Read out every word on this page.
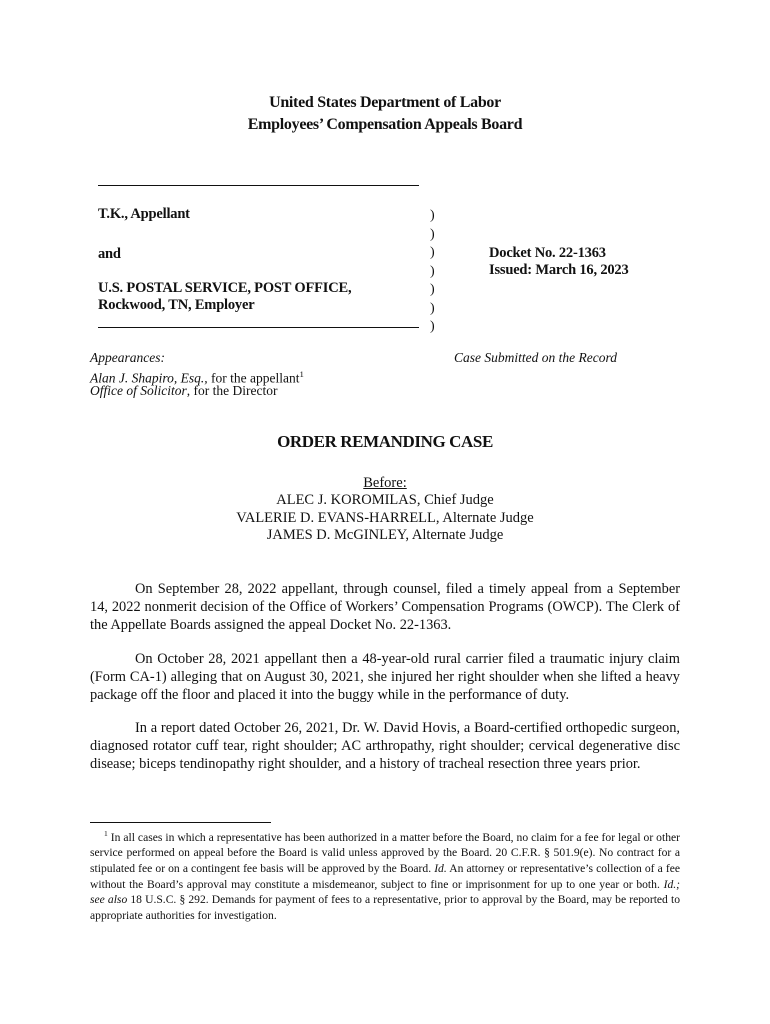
United States Department of Labor
Employees’ Compensation Appeals Board
T.K., Appellant
and
U.S. POSTAL SERVICE, POST OFFICE,
Rockwood, TN, Employer
)
)
)
)
)
)
)
Docket No. 22-1363
Issued: March 16, 2023
Appearances:
Alan J. Shapiro, Esq., for the appellant$^1$
Office of Solicitor, for the Director
Case Submitted on the Record
ORDER REMANDING CASE
Before:
ALEC J. KOROMILAS, Chief Judge
VALERIE D. EVANS-HARRELL, Alternate Judge
JAMES D. McGINLEY, Alternate Judge
On September 28, 2022 appellant, through counsel, filed a timely appeal from a September 14, 2022 nonmerit decision of the Office of Workers’ Compensation Programs (OWCP). The Clerk of the Appellate Boards assigned the appeal Docket No. 22-1363.
On October 28, 2021 appellant then a 48-year-old rural carrier filed a traumatic injury claim (Form CA-1) alleging that on August 30, 2021, she injured her right shoulder when she lifted a heavy package off the floor and placed it into the buggy while in the performance of duty.
In a report dated October 26, 2021, Dr. W. David Hovis, a Board-certified orthopedic surgeon, diagnosed rotator cuff tear, right shoulder; AC arthropathy, right shoulder; cervical degenerative disc disease; biceps tendinopathy right shoulder, and a history of tracheal resection three years prior.
$^1$ In all cases in which a representative has been authorized in a matter before the Board, no claim for a fee for legal or other service performed on appeal before the Board is valid unless approved by the Board. 20 C.F.R. § 501.9(e). No contract for a stipulated fee or on a contingent fee basis will be approved by the Board. Id. An attorney or representative’s collection of a fee without the Board’s approval may constitute a misdemeanor, subject to fine or imprisonment for up to one year or both. Id.; see also 18 U.S.C. § 292. Demands for payment of fees to a representative, prior to approval by the Board, may be reported to appropriate authorities for investigation.
